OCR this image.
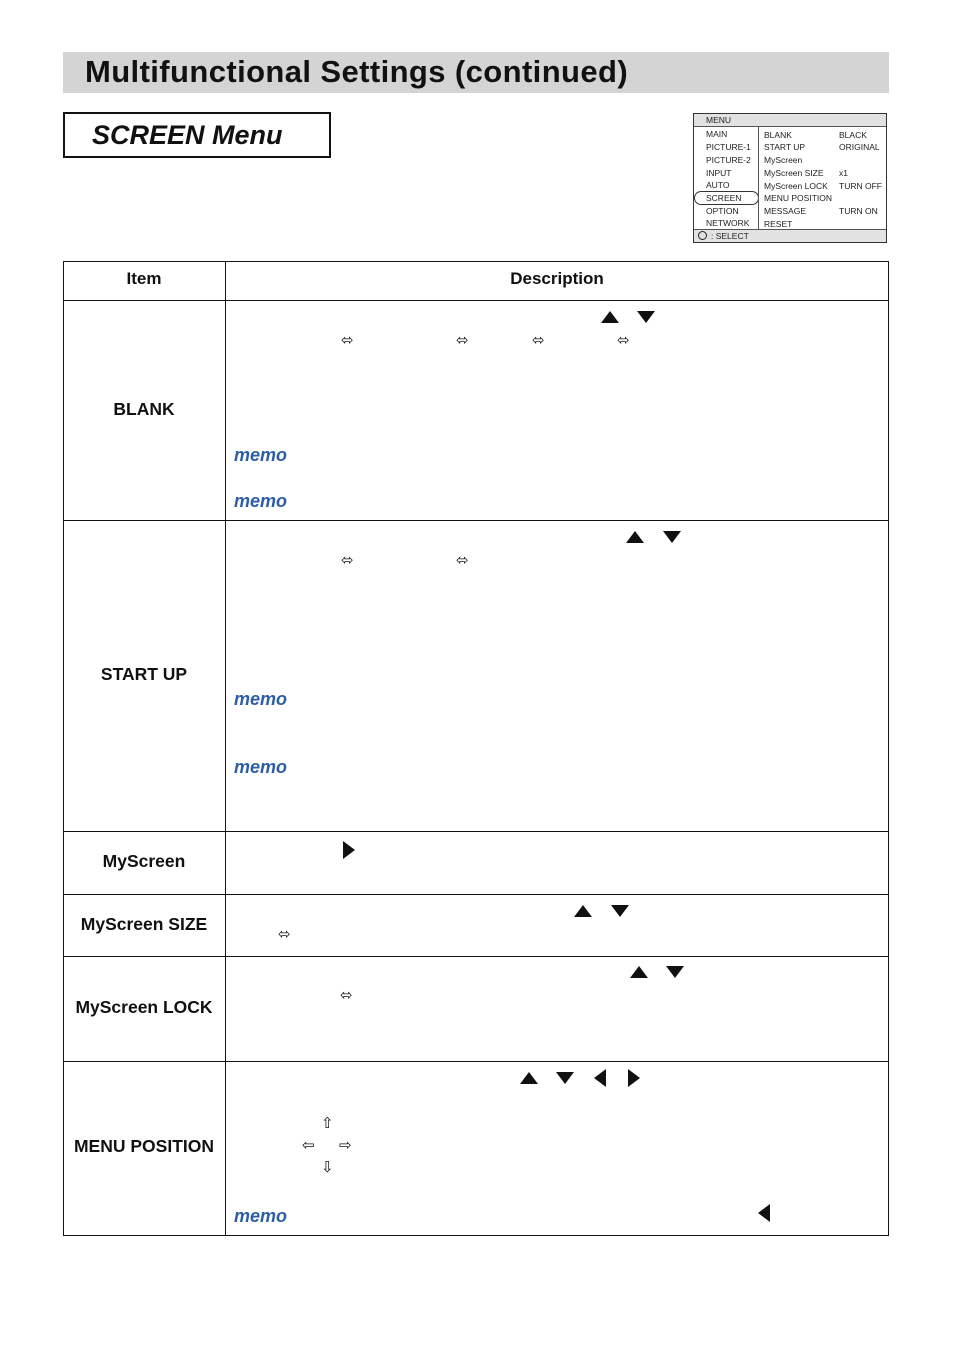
Multifunctional Settings (continued)
SCREEN Menu	MENU
MAIN
PICTURE-1
PICTURE-2
INPUT
AUTO
SCREEN
OPTION
NETWORK
BLANK	BLACK
START UP	ORIGINAL
MyScreen
MyScreen SIZE x1
MyScreen LOCK TURN OFF
MENU POSITION
MESSAGE	TURN ON
RESET
: SELECT
Item	Description
BLANK
⬄	⬄	⬄	⬄
memo
memo
START UP
⬄	⬄
memo
memo
MyScreen
MyScreen SIZE
⬄
MyScreen LOCK
⬄
MENU POSITION
⇧
⇦ ⇨
⇩
memo
